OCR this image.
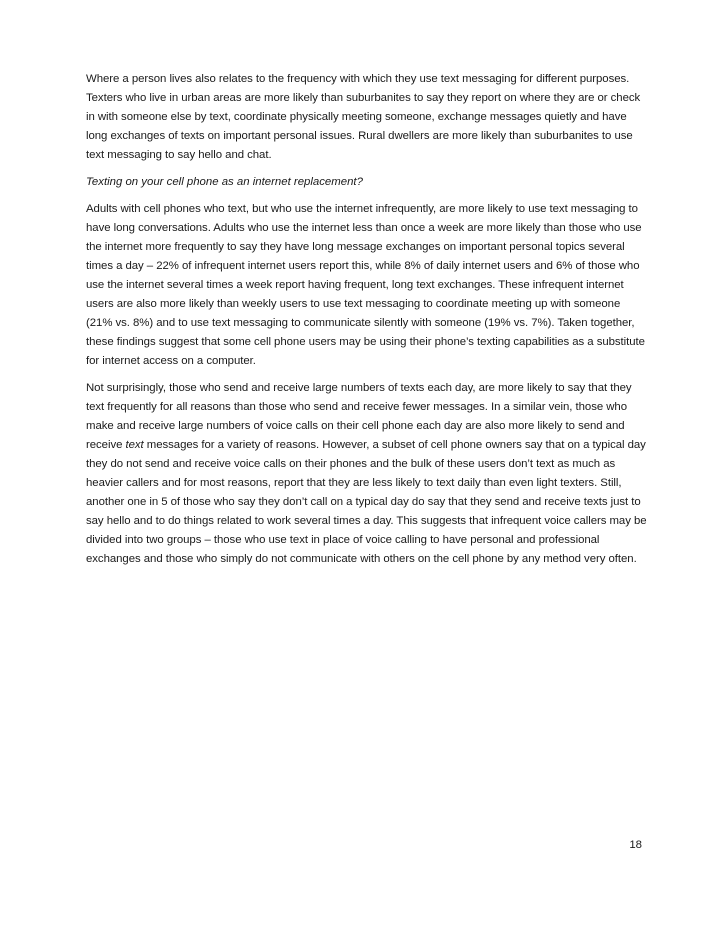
Where a person lives also relates to the frequency with which they use text messaging for different purposes. Texters who live in urban areas are more likely than suburbanites to say they report on where they are or check in with someone else by text, coordinate physically meeting someone, exchange messages quietly and have long exchanges of texts on important personal issues. Rural dwellers are more likely than suburbanites to use text messaging to say hello and chat.

Texting on your cell phone as an internet replacement?

Adults with cell phones who text, but who use the internet infrequently, are more likely to use text messaging to have long conversations. Adults who use the internet less than once a week are more likely than those who use the internet more frequently to say they have long message exchanges on important personal topics several times a day – 22% of infrequent internet users report this, while 8% of daily internet users and 6% of those who use the internet several times a week report having frequent, long text exchanges. These infrequent internet users are also more likely than weekly users to use text messaging to coordinate meeting up with someone (21% vs. 8%) and to use text messaging to communicate silently with someone (19% vs. 7%). Taken together, these findings suggest that some cell phone users may be using their phone’s texting capabilities as a substitute for internet access on a computer.

Not surprisingly, those who send and receive large numbers of texts each day, are more likely to say that they text frequently for all reasons than those who send and receive fewer messages. In a similar vein, those who make and receive large numbers of voice calls on their cell phone each day are also more likely to send and receive text messages for a variety of reasons. However, a subset of cell phone owners say that on a typical day they do not send and receive voice calls on their phones and the bulk of these users don’t text as much as heavier callers and for most reasons, report that they are less likely to text daily than even light texters. Still, another one in 5 of those who say they don’t call on a typical day do say that they send and receive texts just to say hello and to do things related to work several times a day. This suggests that infrequent voice callers may be divided into two groups – those who use text in place of voice calling to have personal and professional exchanges and those who simply do not communicate with others on the cell phone by any method very often.

18
